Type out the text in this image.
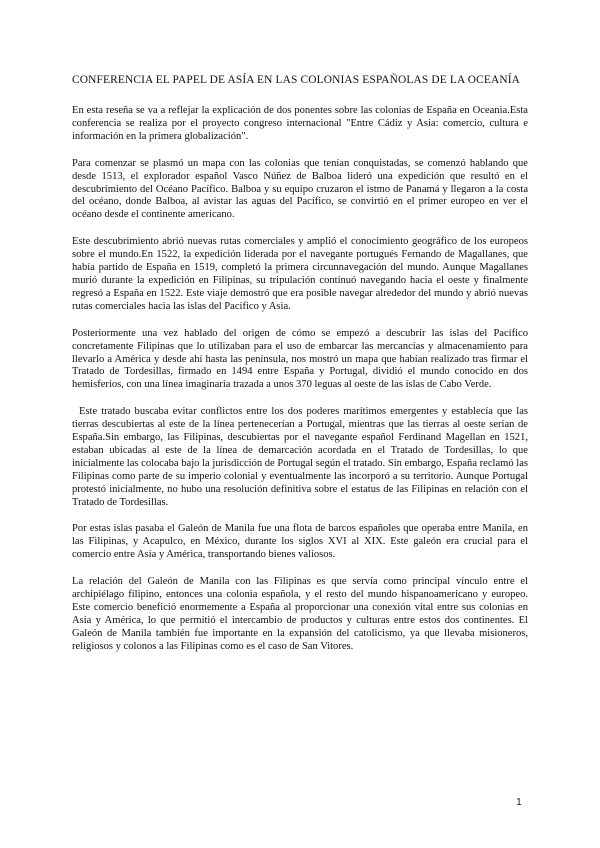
CONFERENCIA EL PAPEL DE ASÍA EN LAS COLONIAS ESPAÑOLAS DE LA OCEANÍA

En esta reseña se va a reflejar la explicación de dos ponentes sobre las colonias de España en Oceania.Esta conferencia se realiza por el proyecto congreso internacional "Entre Cádiz y Asia: comercio, cultura e información en la primera globalización".

Para comenzar se plasmó un mapa con las colonias que tenían conquistadas, se comenzó hablando que desde 1513, el explorador español Vasco Núñez de Balboa lideró una expedición que resultó en el descubrimiento del Océano Pacífico. Balboa y su equipo cruzaron el istmo de Panamá y llegaron a la costa del océano, donde Balboa, al avistar las aguas del Pacífico, se convirtió en el primer europeo en ver el océano desde el continente americano.

Este descubrimiento abrió nuevas rutas comerciales y amplió el conocimiento geográfico de los europeos sobre el mundo.En 1522, la expedición liderada por el navegante portugués Fernando de Magallanes, que había partido de España en 1519, completó la primera circunnavegación del mundo. Aunque Magallanes murió durante la expedición en Filipinas, su tripulación continuó navegando hacia el oeste y finalmente regresó a España en 1522. Este viaje demostró que era posible navegar alrededor del mundo y abrió nuevas rutas comerciales hacia las islas del Pacífico y Asia.

Posteriormente una vez hablado del origen de cómo se empezó a descubrir las islas del Pacífico concretamente Filipinas que lo utilizaban para el uso de embarcar las mercancías y almacenamiento para llevarlo a América y desde ahí hasta las península, nos mostró un mapa que habían realizado tras firmar el Tratado de Tordesillas, firmado en 1494 entre España y Portugal, dividió el mundo conocido en dos hemisferios, con una línea imaginaria trazada a unos 370 leguas al oeste de las islas de Cabo Verde.

Este tratado buscaba evitar conflictos entre los dos poderes marítimos emergentes y establecía que las tierras descubiertas al este de la línea pertenecerían a Portugal, mientras que las tierras al oeste serían de España.Sin embargo, las Filipinas, descubiertas por el navegante español Ferdinand Magellan en 1521, estaban ubicadas al este de la línea de demarcación acordada en el Tratado de Tordesillas, lo que inicialmente las colocaba bajo la jurisdicción de Portugal según el tratado. Sin embargo, España reclamó las Filipinas como parte de su imperio colonial y eventualmente las incorporó a su territorio. Aunque Portugal protestó inicialmente, no hubo una resolución definitiva sobre el estatus de las Filipinas en relación con el Tratado de Tordesillas.

Por estas islas pasaba el Galeón de Manila fue una flota de barcos españoles que operaba entre Manila, en las Filipinas, y Acapulco, en México, durante los siglos XVI al XIX. Este galeón era crucial para el comercio entre Asia y América, transportando bienes valiosos.

La relación del Galeón de Manila con las Filipinas es que servía como principal vínculo entre el archipiélago filipino, entonces una colonia española, y el resto del mundo hispanoamericano y europeo. Este comercio benefició enormemente a España al proporcionar una conexión vital entre sus colonias en Asia y América, lo que permitió el intercambio de productos y culturas entre estos dos continentes. El Galeón de Manila también fue importante en la expansión del catolicismo, ya que llevaba misioneros, religiosos y colonos a las Filipinas como es el caso de San Vitores.

1
